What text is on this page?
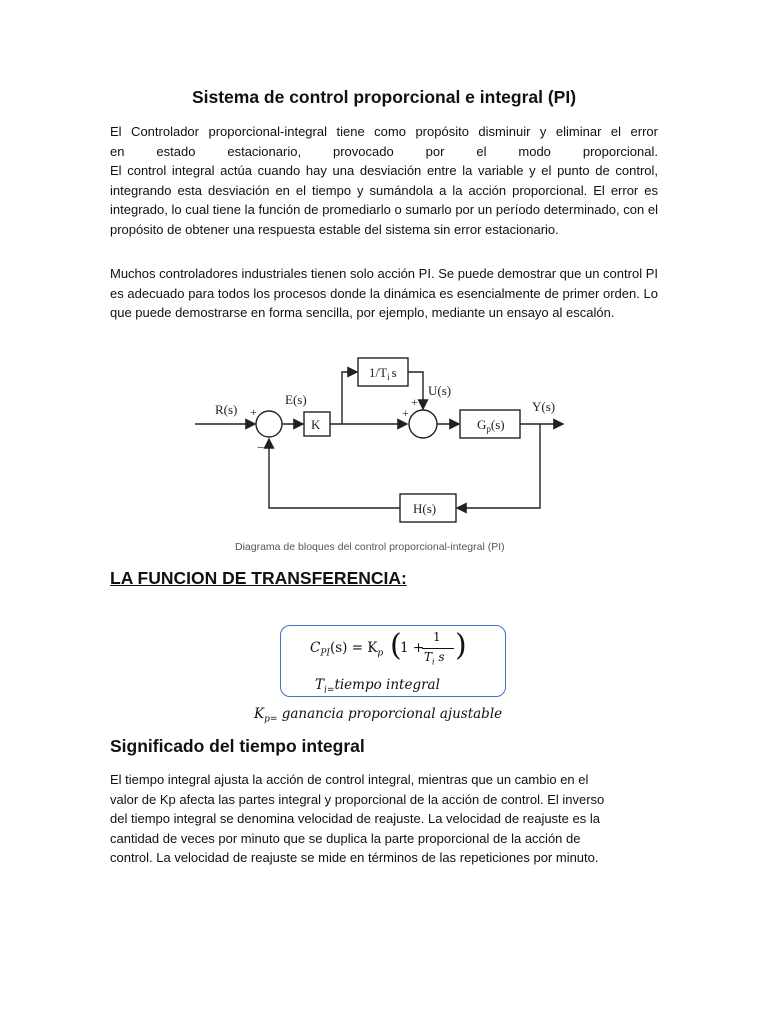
Sistema de control proporcional e integral (PI)

El Controlador proporcional-integral tiene como propósito disminuir y eliminar el error

en estado estacionario, provocado por el modo proporcional.

El control integral actúa cuando hay una desviación entre la variable y el punto de control, integrando esta desviación en el tiempo y sumándola a la acción proporcional. El error es integrado, lo cual tiene la función de promediarlo o sumarlo por un período determinado, con el propósito de obtener una respuesta estable del sistema sin error estacionario.

Muchos controladores industriales tienen solo acción PI. Se puede demostrar que un control PI es adecuado para todos los procesos donde la dinámica es esencialmente de primer orden. Lo que puede demostrarse en forma sencilla, por ejemplo, mediante un ensayo al escalón.

R(s)
E(s)
+
−
K
$1/T_i$ s
U(s)
+
+
$G_p(s)$
Y(s)
H(s)
Diagrama de bloques del control proporcional-integral (PI)
LA FUNCION DE TRANSFERENCIA:
$C_{PI}(s) = K_p$ (
1 +
1
$T_i$ s )
$T_{i=}tiempo$ integral
$K_{p=}$ ganancia proporcional ajustable
Significado del tiempo integral

El tiempo integral ajusta la acción de control integral, mientras que un cambio en el

valor de Kp afecta las partes integral y proporcional de la acción de control. El inverso

del tiempo integral se denomina velocidad de reajuste. La velocidad de reajuste es la

cantidad de veces por minuto que se duplica la parte proporcional de la acción de

control. La velocidad de reajuste se mide en términos de las repeticiones por minuto.
